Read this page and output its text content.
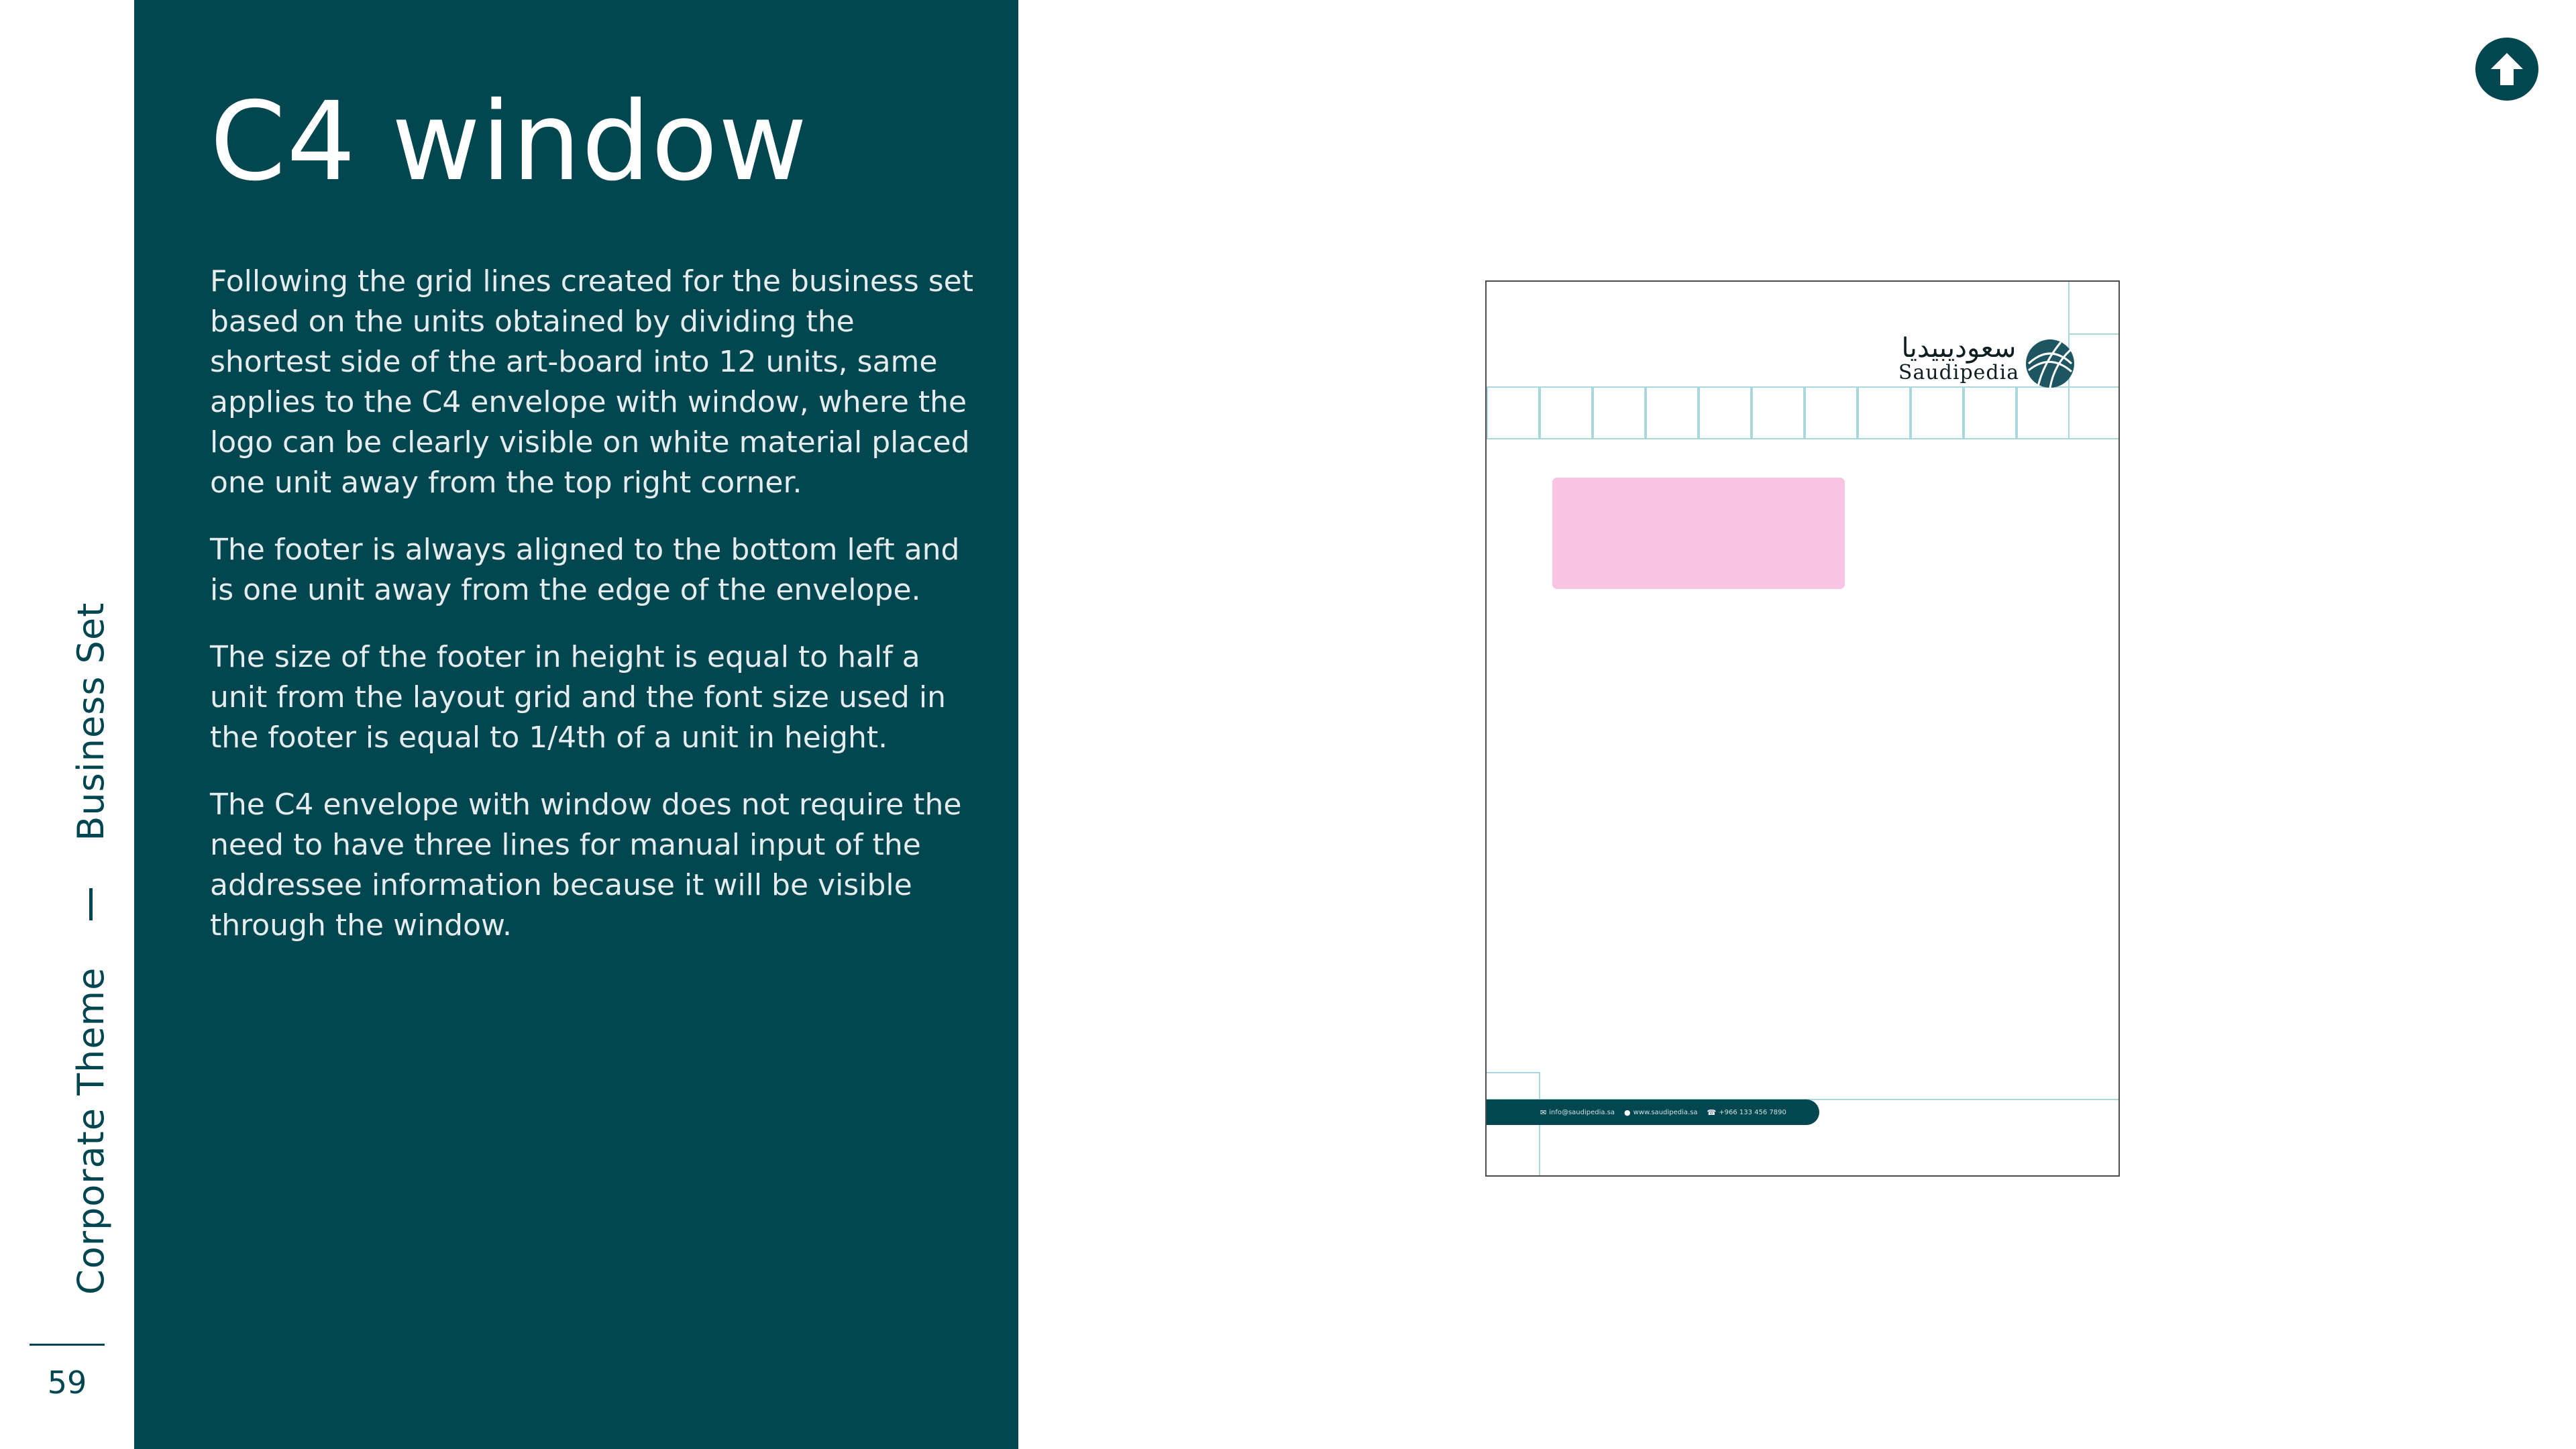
Corporate Theme
Business Set
59
C4 window

Following the grid lines created for the business set based on the units obtained by dividing the shortest side of the art-board into 12 units, same applies to the C4 envelope with window, where the logo can be clearly visible on white material placed one unit away from the top right corner.

The footer is always aligned to the bottom left and is one unit away from the edge of the envelope.

The size of the footer in height is equal to half a unit from the layout grid and the font size used in the footer is equal to 1/4th of a unit in height.

The C4 envelope with window does not require the need to have three lines for manual input of the addressee information because it will be visible through the window.

سعوديبيديا
Saudipedia
✉ info@saudipedia.sa ● www.saudipedia.sa ☎ +966 133 456 7890
